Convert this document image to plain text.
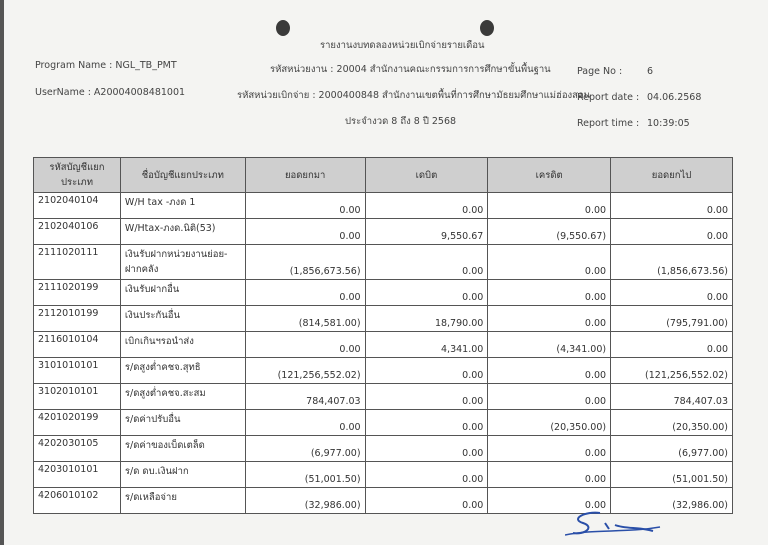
รายงานงบทดลองหน่วยเบิกจ่ายรายเดือน
Program Name : NGL_TB_PMT
UserName : A20004008481001
รหัสหน่วยงาน : 20004 สำนักงานคณะกรรมการการศึกษาขั้นพื้นฐาน
รหัสหน่วยเบิกจ่าย : 2000400848 สำนักงานเขตพื้นที่การศึกษามัธยมศึกษาแม่ฮ่องสอน
ประจำงวด 8 ถึง 8 ปี 2568
Page No :	6
Report date : 04.06.2568
Report time : 10:39:05
รหัสบัญชีแยกประเภท	ชื่อบัญชีแยกประเภท	ยอดยกมา	เดบิต	เครดิต	ยอดยกไป
2102040104	W/H tax -ภงด 1	0.00	0.00	0.00	0.00
2102040106	W/Htax-ภงด.นิติ(53)	0.00	9,550.67	(9,550.67)	0.00
2111020111	เงินรับฝากหน่วยงานย่อย-ฝากคลัง	(1,856,673.56)	0.00	0.00	(1,856,673.56)
2111020199	เงินรับฝากอื่น	0.00	0.00	0.00	0.00
2112010199	เงินประกันอื่น	(814,581.00)	18,790.00	0.00	(795,791.00)
2116010104	เบิกเกินฯรอนำส่ง	0.00	4,341.00	(4,341.00)	0.00
3101010101	ร/ดสูงต่ำคชจ.สุทธิ	(121,256,552.02)	0.00	0.00	(121,256,552.02)
3102010101	ร/ดสูงต่ำคชจ.สะสม	784,407.03	0.00	0.00	784,407.03
4201020199	ร/ดค่าปรับอื่น	0.00	0.00	(20,350.00)	(20,350.00)
4202030105	ร/ดค่าของเบ็ดเตล็ด	(6,977.00)	0.00	0.00	(6,977.00)
4203010101	ร/ด ดบ.เงินฝาก	(51,001.50)	0.00	0.00	(51,001.50)
4206010102	ร/ดเหลือจ่าย	(32,986.00)	0.00	0.00	(32,986.00)
